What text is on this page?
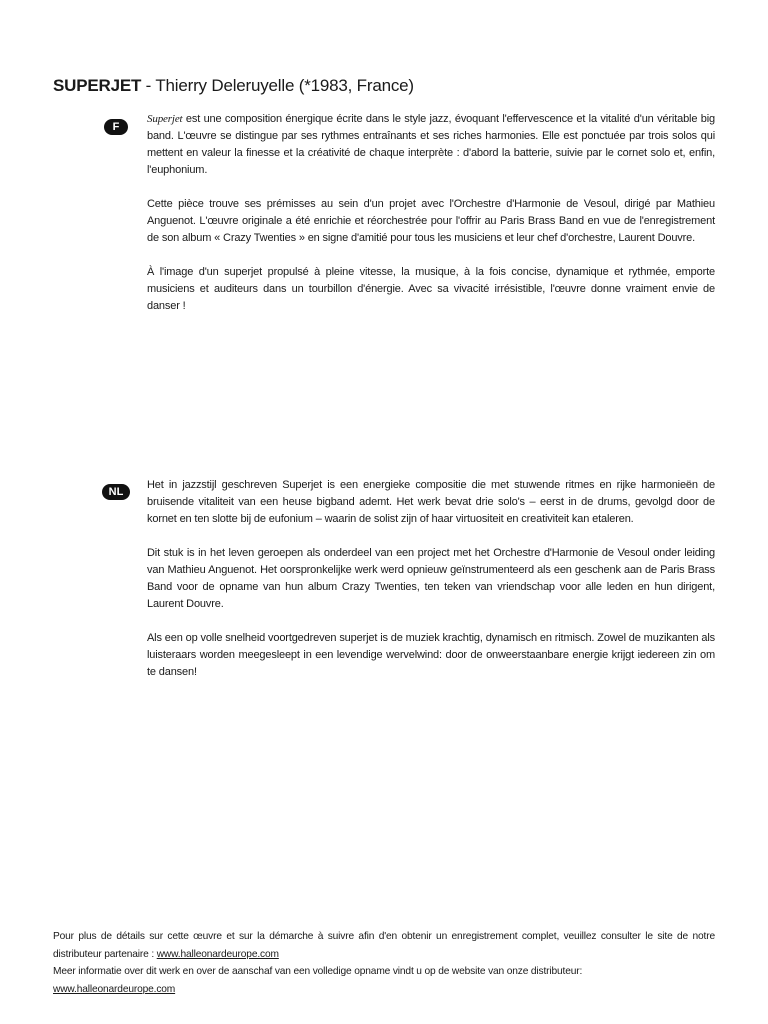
SUPERJET - Thierry Deleruyelle (*1983, France)
F

Superjet est une composition énergique écrite dans le style jazz, évoquant l'effervescence et la vitalité d'un véritable big band. L'œuvre se distingue par ses rythmes entraînants et ses riches harmonies. Elle est ponctuée par trois solos qui mettent en valeur la finesse et la créativité de chaque interprète : d'abord la batterie, suivie par le cornet solo et, enfin, l'euphonium.

Cette pièce trouve ses prémisses au sein d'un projet avec l'Orchestre d'Harmonie de Vesoul, dirigé par Mathieu Anguenot. L'œuvre originale a été enrichie et réorchestrée pour l'offrir au Paris Brass Band en vue de l'enregistrement de son album « Crazy Twenties » en signe d'amitié pour tous les musiciens et leur chef d'orchestre, Laurent Douvre.

À l'image d'un superjet propulsé à pleine vitesse, la musique, à la fois concise, dynamique et rythmée, emporte musiciens et auditeurs dans un tourbillon d'énergie. Avec sa vivacité irrésistible, l'œuvre donne vraiment envie de danser !

NL

Het in jazzstijl geschreven Superjet is een energieke compositie die met stuwende ritmes en rijke harmonieën de bruisende vitaliteit van een heuse bigband ademt. Het werk bevat drie solo's – eerst in de drums, gevolgd door de kornet en ten slotte bij de eufonium – waarin de solist zijn of haar virtuositeit en creativiteit kan etaleren.

Dit stuk is in het leven geroepen als onderdeel van een project met het Orchestre d'Harmonie de Vesoul onder leiding van Mathieu Anguenot. Het oorspronkelijke werk werd opnieuw geïnstrumenteerd als een geschenk aan de Paris Brass Band voor de opname van hun album Crazy Twenties, ten teken van vriendschap voor alle leden en hun dirigent, Laurent Douvre.

Als een op volle snelheid voortgedreven superjet is de muziek krachtig, dynamisch en ritmisch. Zowel de muzikanten als luisteraars worden meegesleept in een levendige wervelwind: door de onweerstaanbare energie krijgt iedereen zin om te dansen!

Pour plus de détails sur cette œuvre et sur la démarche à suivre afin d'en obtenir un enregistrement complet, veuillez consulter le site de notre distributeur partenaire : www.halleonardeurope.com

Meer informatie over dit werk en over de aanschaf van een volledige opname vindt u op de website van onze distributeur:
www.halleonardeurope.com
